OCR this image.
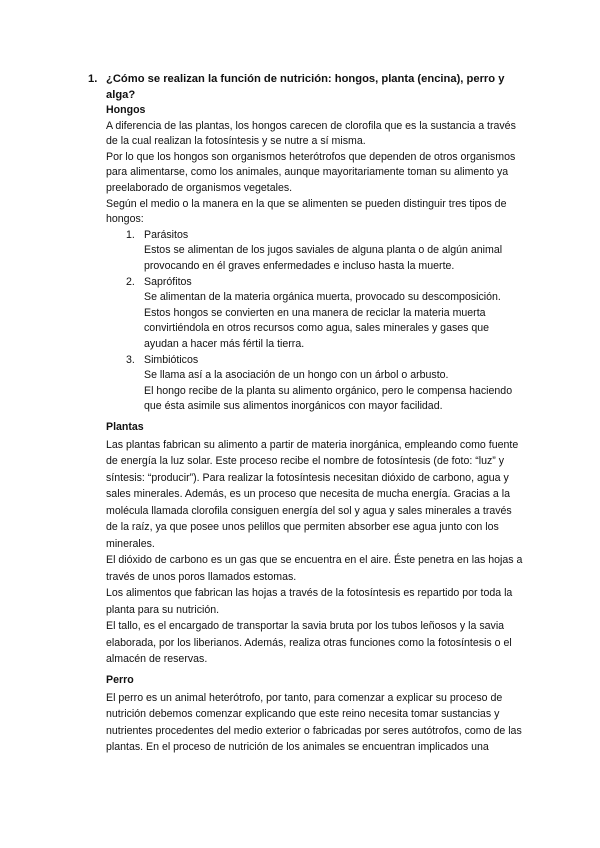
1. ¿Cómo se realizan la función de nutrición: hongos, planta (encina), perro y alga?

Hongos

A diferencia de las plantas, los hongos carecen de clorofila que es la sustancia a través de la cual realizan la fotosíntesis y se nutre a sí misma.

Por lo que los hongos son organismos heterótrofos que dependen de otros organismos para alimentarse, como los animales, aunque mayoritariamente toman su alimento ya preelaborado de organismos vegetales.

Según el medio o la manera en la que se alimenten se pueden distinguir tres tipos de hongos:

1. Parásitos

Estos se alimentan de los jugos saviales de alguna planta o de algún animal provocando en él graves enfermedades e incluso hasta la muerte.

2. Saprófitos

Se alimentan de la materia orgánica muerta, provocado su descomposición. Estos hongos se convierten en una manera de reciclar la materia muerta convirtiéndola en otros recursos como agua, sales minerales y gases que ayudan a hacer más fértil la tierra.

3. Simbióticos

Se llama así a la asociación de un hongo con un árbol o arbusto.

El hongo recibe de la planta su alimento orgánico, pero le compensa haciendo que ésta asimile sus alimentos inorgánicos con mayor facilidad.

Plantas

Las plantas fabrican su alimento a partir de materia inorgánica, empleando como fuente de energía la luz solar. Este proceso recibe el nombre de fotosíntesis (de foto: “luz” y síntesis: “producir”). Para realizar la fotosíntesis necesitan dióxido de carbono, agua y sales minerales. Además, es un proceso que necesita de mucha energía. Gracias a la molécula llamada clorofila consiguen energía del sol y agua y sales minerales a través de la raíz, ya que posee unos pelillos que permiten absorber ese agua junto con los minerales.

El dióxido de carbono es un gas que se encuentra en el aire. Éste penetra en las hojas a través de unos poros llamados estomas.

Los alimentos que fabrican las hojas a través de la fotosíntesis es repartido por toda la planta para su nutrición.

El tallo, es el encargado de transportar la savia bruta por los tubos leñosos y la savia elaborada, por los liberianos. Además, realiza otras funciones como la fotosíntesis o el almacén de reservas.

Perro

El perro es un animal heterótrofo, por tanto, para comenzar a explicar su proceso de nutrición debemos comenzar explicando que este reino necesita tomar sustancias y nutrientes procedentes del medio exterior o fabricadas por seres autótrofos, como de las plantas. En el proceso de nutrición de los animales se encuentran implicados una
